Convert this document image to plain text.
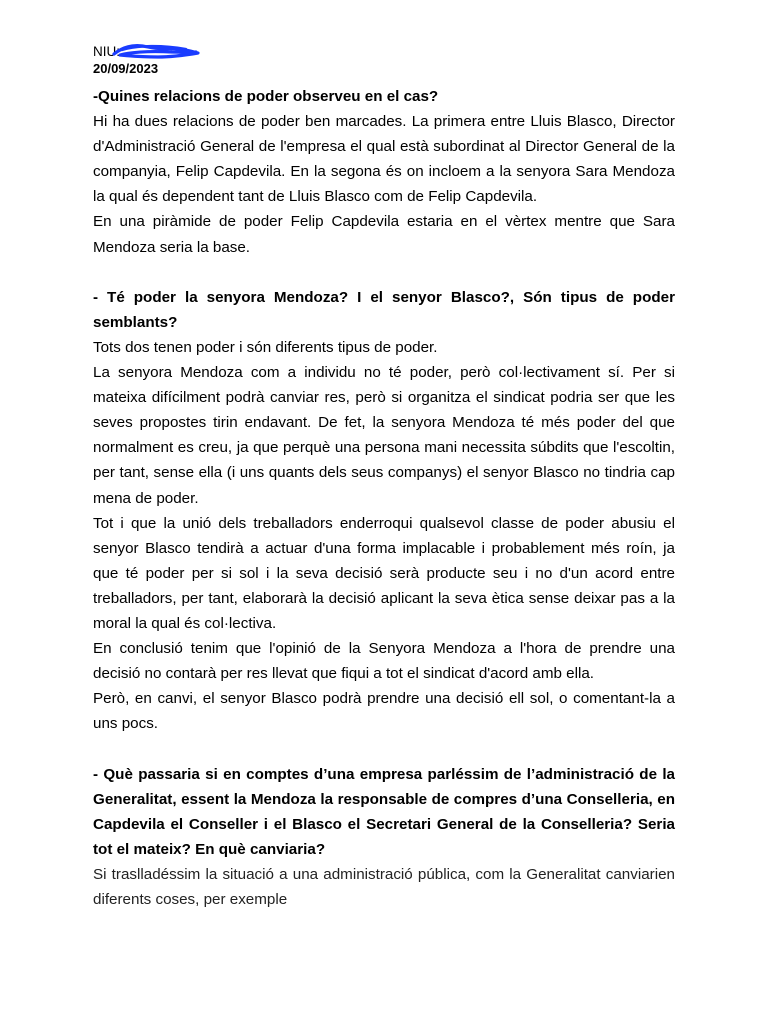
NIU:
20/09/2023

-Quines relacions de poder observeu en el cas?

Hi ha dues relacions de poder ben marcades. La primera entre Lluis Blasco, Director d'Administració General de l'empresa el qual està subordinat al Director General de la companyia, Felip Capdevila. En la segona és on incloem a la senyora Sara Mendoza la qual és dependent tant de Lluis Blasco com de Felip Capdevila.

En una piràmide de poder Felip Capdevila estaria en el vèrtex mentre que Sara Mendoza seria la base.

- Té poder la senyora Mendoza? I el senyor Blasco?, Són tipus de poder semblants?

Tots dos tenen poder i són diferents tipus de poder.

La senyora Mendoza com a individu no té poder, però col·lectivament sí. Per si mateixa difícilment podrà canviar res, però si organitza el sindicat podria ser que les seves propostes tirin endavant. De fet, la senyora Mendoza té més poder del que normalment es creu, ja que perquè una persona mani necessita súbdits que l'escoltin, per tant, sense ella (i uns quants dels seus companys) el senyor Blasco no tindria cap mena de poder.

Tot i que la unió dels treballadors enderroqui qualsevol classe de poder abusiu el senyor Blasco tendirà a actuar d'una forma implacable i probablement més roín, ja que té poder per si sol i la seva decisió serà producte seu i no d'un acord entre treballadors, per tant, elaborarà la decisió aplicant la seva ètica sense deixar pas a la moral la qual és col·lectiva.

En conclusió tenim que l'opinió de la Senyora Mendoza a l'hora de prendre una decisió no contarà per res llevat que fiqui a tot el sindicat d'acord amb ella.

Però, en canvi, el senyor Blasco podrà prendre una decisió ell sol, o comentant-la a uns pocs.

- Què passaria si en comptes d’una empresa parléssim de l’administració de la Generalitat, essent la Mendoza la responsable de compres d’una Conselleria, en Capdevila el Conseller i el Blasco el Secretari General de la Conselleria? Seria tot el mateix? En què canviaria?

Si traslladéssim la situació a una administració pública, com la Generalitat canviarien diferents coses, per exemple
